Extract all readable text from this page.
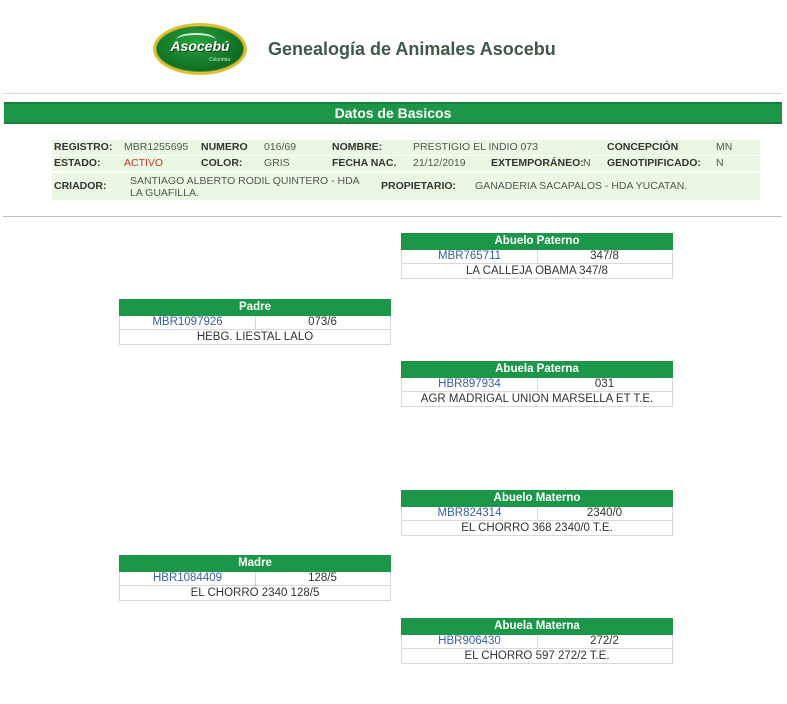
Asocebú
Colombia
Genealogía de Animales Asocebu
Datos de Basicos
REGISTRO: MBR1255695 NUMERO 016/69	NOMBRE:	PRESTIGIO EL INDIO 073	CONCEPCIÓN	MN
ESTADO: ACTIVO	COLOR: GRIS	FECHA NAC. 21/12/2019 EXTEMPORÁNEO: N GENOTIPIFICADO: N
CRIADOR: SANTIAGO ALBERTO RODIL QUINTERO - HDA LA GUAFILLA.
PROPIETARIO: GANADERIA SACAPALOS - HDA YUCATAN.
Abuelo Paterno
MBR765711	347/8
LA CALLEJA OBAMA 347/8
Padre
MBR1097926	073/6
HEBG. LIESTAL LALO
Abuela Paterna
HBR897934	031
AGR MADRIGAL UNION MARSELLA ET T.E.
Abuelo Materno
MBR824314	2340/0
EL CHORRO 368 2340/0 T.E.
Madre
HBR1084409	128/5
EL CHORRO 2340 128/5
Abuela Materna
HBR906430	272/2
EL CHORRO 597 272/2 T.E.
